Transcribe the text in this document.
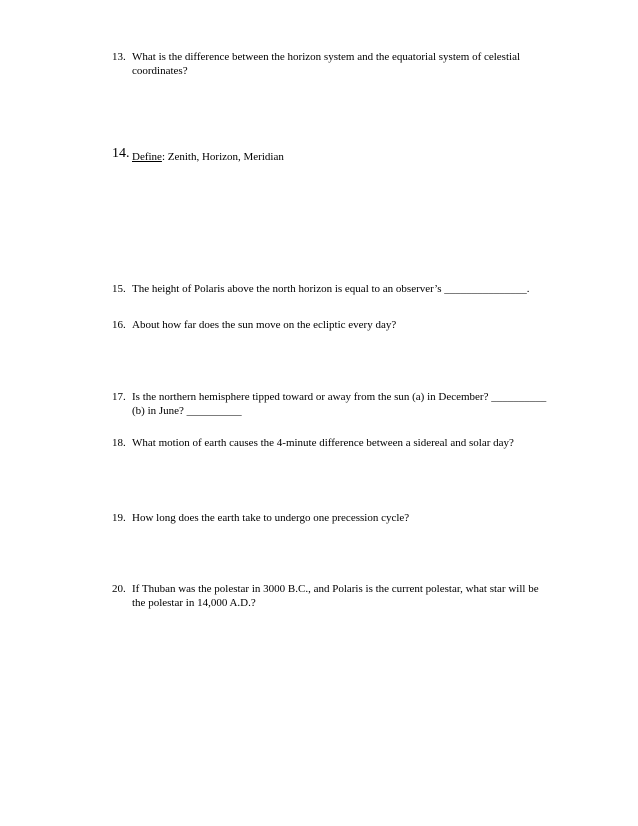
13. What is the difference between the horizon system and the equatorial system of celestial coordinates?
14. Define: Zenith, Horizon, Meridian
15. The height of Polaris above the north horizon is equal to an observer’s _______________.
16. About how far does the sun move on the ecliptic every day?
17. Is the northern hemisphere tipped toward or away from the sun (a) in December? __________ (b) in June? __________
18. What motion of earth causes the 4-minute difference between a sidereal and solar day?
19. How long does the earth take to undergo one precession cycle?
20. If Thuban was the polestar in 3000 B.C., and Polaris is the current polestar, what star will be the polestar in 14,000 A.D.?
